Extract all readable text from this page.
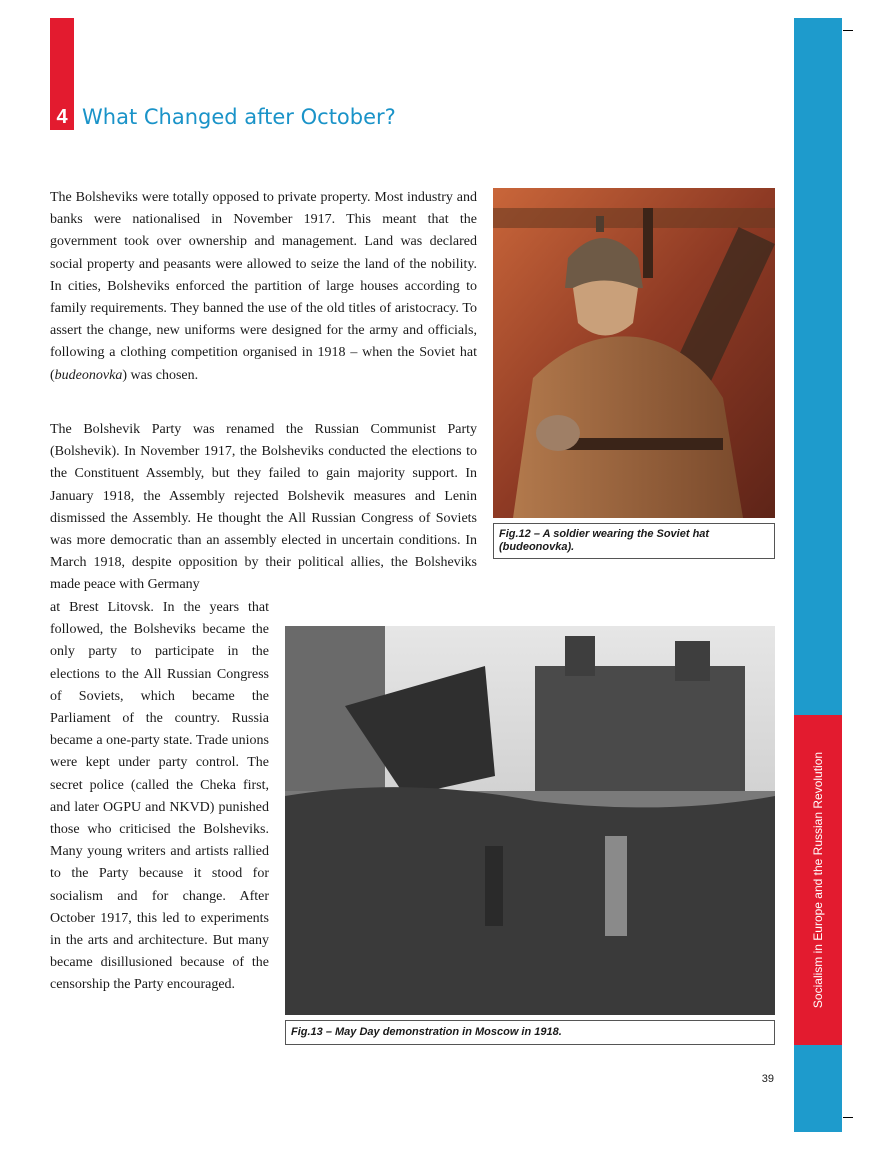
4 What Changed after October?
Socialism in Europe and the Russian Revolution

The Bolsheviks were totally opposed to private property. Most industry and banks were nationalised in November 1917. This meant that the government took over ownership and management. Land was declared social property and peasants were allowed to seize the land of the nobility. In cities, Bolsheviks enforced the partition of large houses according to family requirements. They banned the use of the old titles of aristocracy. To assert the change, new uniforms were designed for the army and officials, following a clothing competition organised in 1918 – when the Soviet hat (budeonovka) was chosen.

The Bolshevik Party was renamed the Russian Communist Party (Bolshevik). In November 1917, the Bolsheviks conducted the elections to the Constituent Assembly, but they failed to gain majority support. In January 1918, the Assembly rejected Bolshevik measures and Lenin dismissed the Assembly. He thought the All Russian Congress of Soviets was more democratic than an assembly elected in uncertain conditions. In March 1918, despite opposition by their political allies, the Bolsheviks made peace with Germany

at Brest Litovsk. In the years that followed, the Bolsheviks became the only party to participate in the elections to the All Russian Congress of Soviets, which became the Parliament of the country. Russia became a one-party state. Trade unions were kept under party control. The secret police (called the Cheka first, and later OGPU and NKVD) punished those who criticised the Bolsheviks. Many young writers and artists rallied to the Party because it stood for socialism and for change. After October 1917, this led to experiments in the arts and architecture. But many became disillusioned because of the censorship the Party encouraged.

Fig.12 – A soldier wearing the Soviet hat (budeonovka).
Fig.13 – May Day demonstration in Moscow in 1918.
39
